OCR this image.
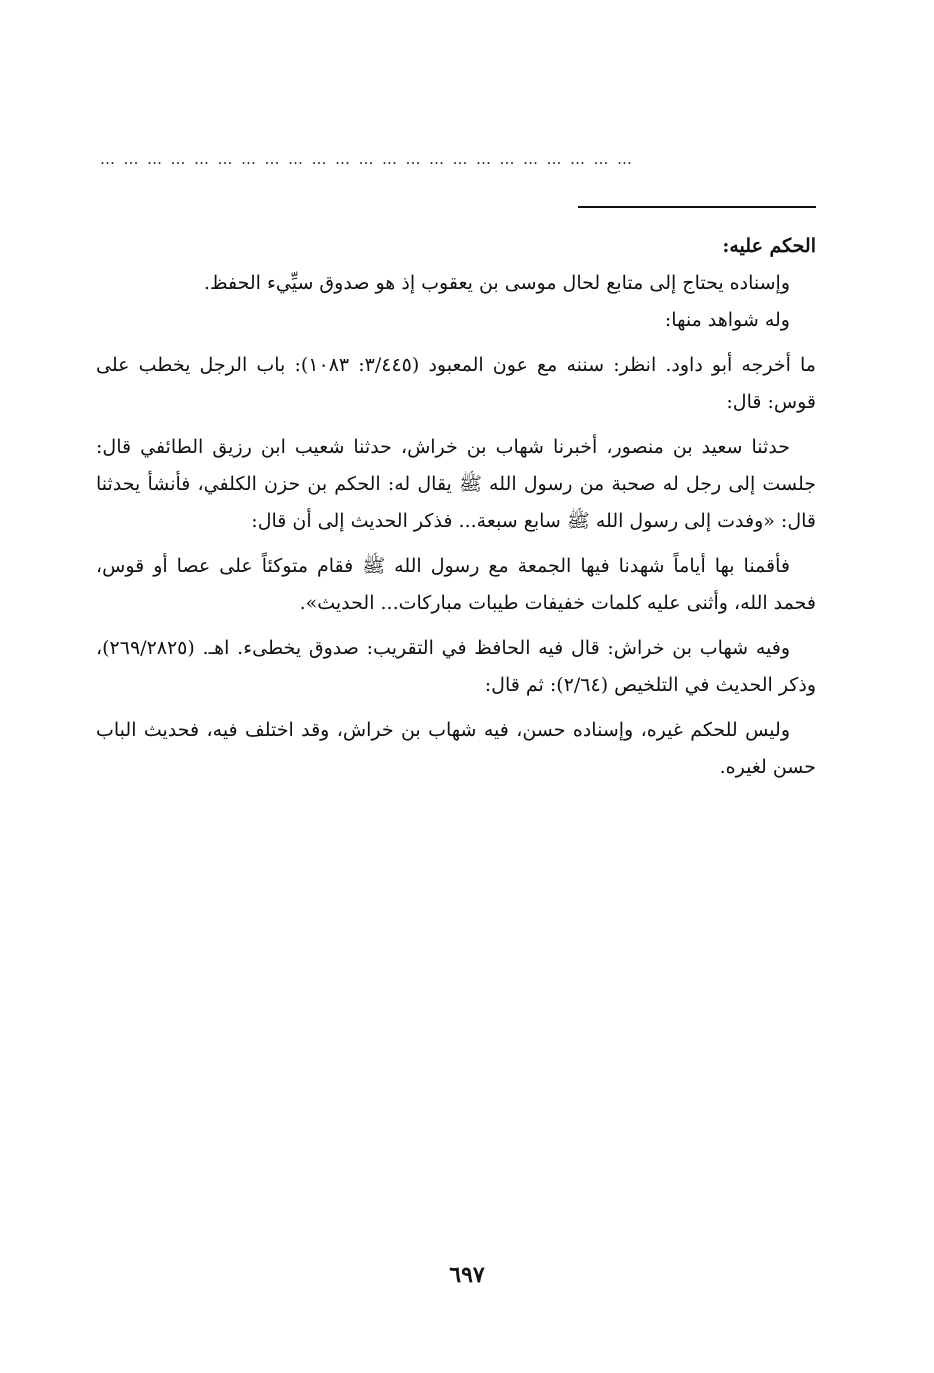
……………………………………………………………

الحكم عليه:

وإسناده يحتاج إلى متابع لحال موسى بن يعقوب إذ هو صدوق سيِّيء الحفظ.

وله شواهد منها:

ما أخرجه أبو داود. انظر: سننه مع عون المعبود (٣/٤٤٥: ١٠٨٣): باب الرجل يخطب على قوس: قال:

حدثنا سعيد بن منصور، أخبرنا شهاب بن خراش، حدثنا شعيب ابن رزيق الطائفي قال: جلست إلى رجل له صحبة من رسول الله ﷺ يقال له: الحكم بن حزن الكلفي، فأنشأ يحدثنا قال: «وفدت إلى رسول الله ﷺ سابع سبعة... فذكر الحديث إلى أن قال:

فأقمنا بها أياماً شهدنا فيها الجمعة مع رسول الله ﷺ فقام متوكئاً على عصا أو قوس، فحمد الله، وأثنى عليه كلمات خفيفات طيبات مباركات... الحديث».

وفيه شهاب بن خراش: قال فيه الحافظ في التقريب: صدوق يخطىء. اهـ. (٢٦٩/٢٨٢٥)، وذكر الحديث في التلخيص (٢/٦٤): ثم قال:

وليس للحكم غيره، وإسناده حسن، فيه شهاب بن خراش، وقد اختلف فيه، فحديث الباب حسن لغيره.

٦٩٧
